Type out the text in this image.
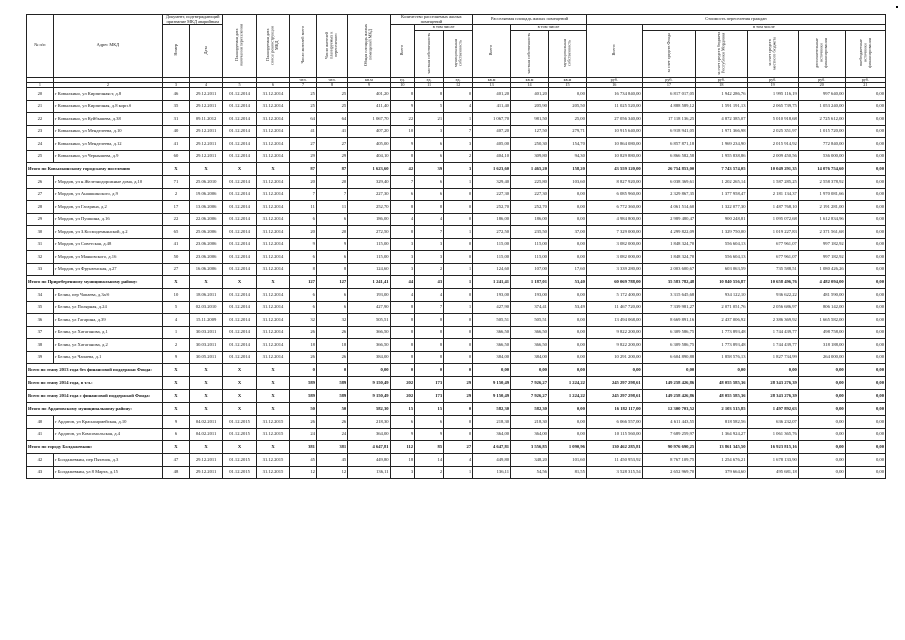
№ п/п	Адрес МКД	Документ, подтверждающий признание МКД аварийным		Планируемая дата окончания переселения	Планируемая дата сноса/ реконструкции МКД	Число жителей всего	Число жителей планируемых к переселению	Общая площадь жилых помещений МКД	Количество расселяемых жилых помещений			Расселяемая площадь жилых помещений			Стоимость переселения граждан					
		Номер	Дата						Всего	в том числе		Всего	в том числе		Всего:	в том числе				
										частная собственность	муниципальная собственность		частная собственность	муниципальная собственность		за счет средств Фонда	за счет средств бюджета Республики Мордовия	за счет средств местного бюджета	дополнительные источники финансирования	внебюджетные источники финансирования
						чел.	чел.	кв.м	ед.	ед.	ед.	кв.м	кв.м	кв.м	руб.	руб.	руб.	руб.	руб.	руб.
1	2	3	4	5	6	7	8	9	10	11	12	13	14	15	16	17	18	19	20	21
20	г Ковылкино, ул Кирпичнаяст, д.8	46	29.12.2011	01.12.2014	31.12.2014	25	25	401,20	8	8	0	401,20	401,20	0,00	16 734 840,00	6 817 017,05	1 942 286,76	1 995 116,19	997 640,00	0,00
21	г Ковылкино, ул Кирпичная, д.8 корп.б	35	29.12.2011	01.12.2014	31.12.2014	25	25	411,40	9	5	4	411,40	205,90	205,50	11 025 520,00	4 888 589,12	1 591 191,13	2 065 739,75	1 053 240,00	0,00
22	г Ковылкино, ул Куйбышева, д.38	31	09.11.2012	01.12.2014	31.12.2014	64	64	1 067,70	22	21	1	1 067,70	981,50	25,00	27 056 340,00	17 118 136,25	4 872 385,07	5 010 918,68	2 725 612,00	0,00
23	г Ковылкино, ул Менделеева, д.10	40	29.12.2011	01.12.2014	31.12.2014	41	41	407,20	10	3	7	407,20	127,50	279,71	10 915 640,00	6 918 941,05	1 971 366,98	2 025 351,97	1 015 720,00	0,00
24	г Ковылкино, ул Менделеева, д.12	41	29.12.2011	01.12.2014	31.12.2014	27	27	405,00	9	6	3	405,00	250,30	154,70	10 864 080,00	6 857 871,18	1 969 234,90	2 015 914,92	772 840,00	0,00
25	г Ковылкино, ул Чернышева, д.9	60	29.12.2011	01.12.2014	31.12.2014	29	29	404,10	8	6	2	404,10	309,80	94,30	10 829 880,00	6 866 582,58	1 955 838,86	2 009 450,56	536 000,00	0,00
Итого по Ковылкинскому городскому поселению		X	X	X	X	87	87	1 623,60	42	39	3	1 623,60	1 465,20	158,20	43 559 120,00	26 754 853,00	7 743 574,05	10 049 291,35	14 076 754,60	0,00
26	г Мордов, ул н.Железнодорожные дома, д.10	71	25.06.2010	01.12.2014	31.12.2014	20	20	329,40	7	6	1	329,40	225,80	103,60	8 827 920,00	6 038 369,61	1 202 265,14	1 587 285,25	2 558 378,92	0,00
27	г Мордов, ул Анашкинского, д.9	2	19.06.2006	01.12.2014	31.12.2014	7	7	227,30	6	6	0	227,30	227,30	0,00	6 085 960,00	2 329 867,35	1 377 958,47	2 181 134,37	1 970 081,66	0,00
28	г Мордов, ул Гагарина, д.2	17	13.06.2006	01.12.2014	31.12.2014	11	11	252,70	8	8	0	252,70	252,70	0,00	6 772 360,00	4 061 514,60	1 322 077,30	1 487 768,10	2 191 281,00	0,00
29	г Мордов, ул Пушкина, д.16	22	22.06.2006	01.12.2014	31.12.2014	6	6	186,00	4	4	0	186,00	186,00	0,00	4 984 800,00	2 989 480,47	900 248,81	1 095 072,68	1 612 834,96	0,00
30	г Мордов, ул З.Космодемьянской, д.2	65	25.06.2006	01.12.2014	31.12.2014	20	20	272,50	8	7	1	272,50	235,50	37,00	7 329 000,00	4 299 822,09	1 329 750,00	1 019 227,83	2 371 561,68	0,00
31	г Мордов, ул Советская, д.48	41	23.06.2006	01.12.2014	31.12.2014	9	9	115,00	3	3	0	115,00	115,00	0,00	3 082 000,00	1 848 324,70	556 604,13	677 961,07	997 182,92	0,00
32	г Мордов, ул Маяковского, д.16	50	23.06.2006	01.12.2014	31.12.2014	6	6	115,00	3	3	0	115,00	115,00	0,00	3 082 000,00	1 848 324,70	556 604,13	677 961,07	997 182,92	0,00
33	г Мордов, ул Фрунзенская, д.27	27	16.06.2006	01.12.2014	31.12.2014	8	8	124,60	3	2	1	124,60	107,00	17,60	3 339 280,00	2 003 600,67	603 063,59	735 588,51	1 080 426,26	0,00
Итого по Приреберенному муниципальному району:		X	X	X	X	127	127	1 241,41	44	43	1	1 241,41	1 187,01	53,40	60 069 788,00	35 583 782,48	10 840 556,87	10 658 496,76	4 482 094,00	0,00
34	г Белин, пер Чапаева, д.3а/б	10	18.06.2011	01.12.2014	31.12.2014	6	6	193,00	4	4	0	193,00	193,00	0,00	5 172 400,00	3 315 645,68	934 122,10	936 622,22	481 590,00	0,00
35	г Белин, ул Полярная, д.24	5	02.03.2010	01.12.2014	31.12.2014	6	6	427,90	8	7	1	427,90	374,41	53,49	11 467 720,00	7 339 981,27	2 071 051,76	2 056 686,97	806 142,00	0,00
36	г Белин, ул Гагарина, д.39	4	15.11.2009	01.12.2014	31.12.2014	32	32	505,51	8	8	0	505,51	505,51	0,00	13 494 068,00	8 669 891,16	2 437 006,92	2 386 369,92	1 665 582,00	0,00
37	г Белин, ул Хатаганова, д.1	1	30.03.2011	01.12.2014	31.12.2014	26	26	366,50	8	8	0	366,50	366,50	0,00	9 822 200,00	6 309 586,75	1 773 893,48	1 744 439,77	498 758,00	0,00
38	г Белин, ул Хатаганова, д.2	2	30.03.2011	01.12.2014	31.12.2014	18	18	366,50	8	8	0	366,50	366,50	0,00	9 822 200,00	6 309 586,75	1 773 893,48	1 744 439,77	318 188,00	0,00
39	г Белин, ул Чапаева, д.1	9	30.05.2011	01.12.2014	31.12.2014	26	26	384,00	8	8	0	384,00	384,00	0,00	10 291 200,00	6 604 890,88	1 858 576,13	1 827 734,99	264 000,00	0,00
Всего по этапу 2013 года без финансовой поддержки Фонда:		X	X	X	X	0	0	0,00	0	0	0	0,00	0,00	0,00	0,00	0,00	0,00	0,00	0,00	0,00
Всего по этапу 2014 года, в т.ч.:		X	X	X	X	589	589	9 150,49	202	173	29	9 150,49	7 926,27	1 224,22	245 297 298,61	149 258 426,86	48 055 585,36	28 343 276,39	0,00	0,00
Всего по этапу 2014 года с финансовой поддержкой Фонда:		X	X	X	X	589	589	9 150,49	202	173	29	9 150,49	7 926,27	1 224,22	245 297 298,61	149 258 426,86	48 055 585,36	28 343 276,39	0,00	0,00
Итого по Ардатовскому муниципальному району:		X	X	X	X	50	50	582,30	15	15	0	582,30	582,30	0,00	16 182 117,00	12 300 703,52	2 103 515,85	1 497 892,63	0,00	0,00
40	г Ардатов, ул Красноармейская, д.10	9	04.02.2011	01.12.2015	31.12.2015	26	26	218,30	6	6	0	218,30	218,30	0,00	6 066 557,00	4 611 443,55	818 582,56	636 232,07	0,00	0,00
41	г Ардатов, ул Комсомольская, д.4	6	04.02.2011	01.12.2015	31.12.2015	24	24	364,00	9	9	0	364,00	364,00	0,00	10 115 560,00	7 689 259,97	1 364 924,27	1 061 365,76	0,00	0,00
Итого по городу Болдажевкин:		X	X	X	X	381	381	4 647,81	112	85	27	4 647,81	3 556,85	1 090,96	130 462 285,81	90 976 690,25	13 861 345,50	16 923 815,16	0,00	0,00
42	г Болдажевкин, пер Пятачок, д.3	47	29.12.2011	01.12.2015	31.12.2015	45	45	449,80	18	14	4	449,80	348,20	101,60	11 450 953,92	8 767 109,75	1 254 676,21	1 678 133,90	0,00	0,00
43	г Болдажевкин, ул 8 Марта, д.15	48	29.12.2011	01.12.2015	31.12.2015	12	12	136,11	3	2	1	136,11	54,56	81,55	3 528 315,54	2 652 969,70	379 664,60	495 681,18	0,00	0,00
